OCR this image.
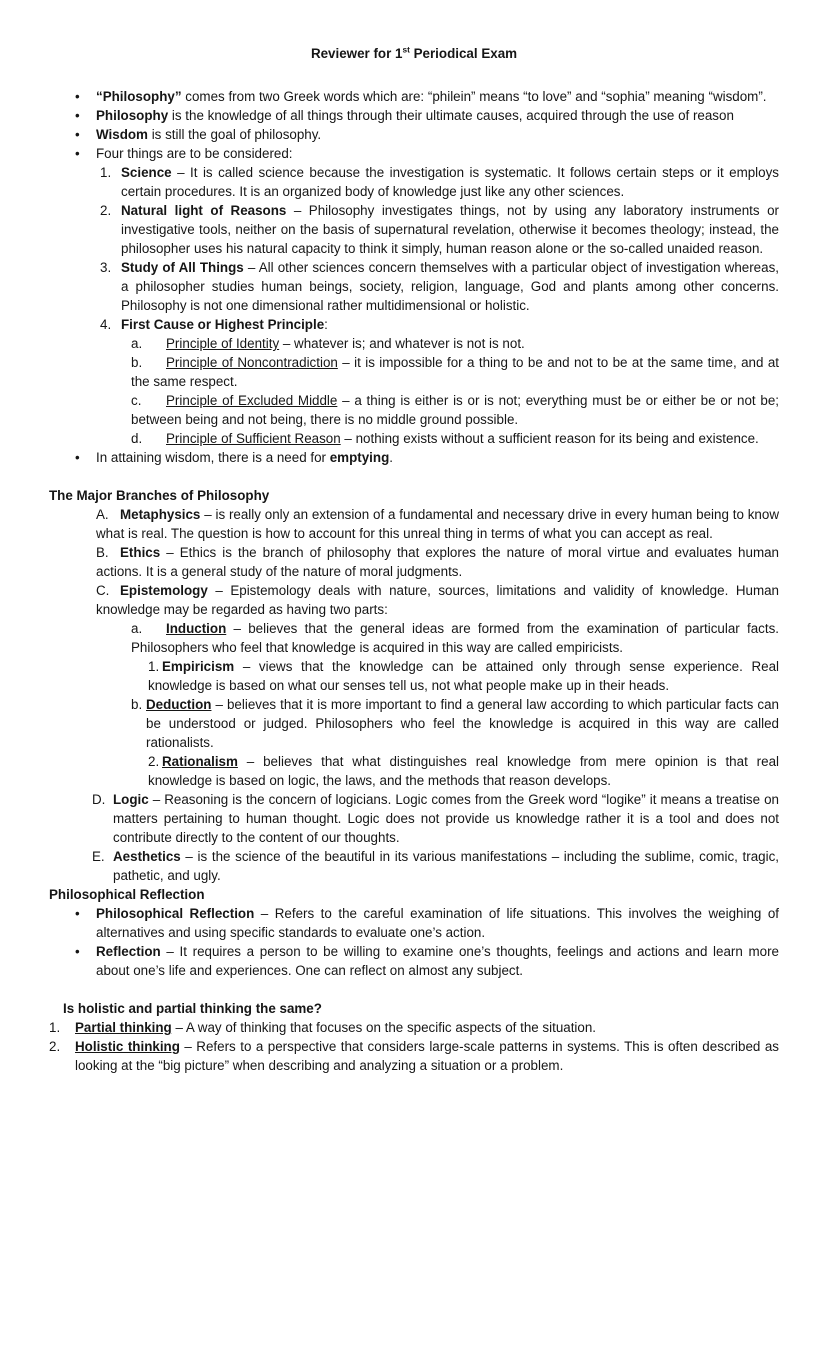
Reviewer for 1st Periodical Exam
• “Philosophy” comes from two Greek words which are: “philein” means “to love” and “sophia” meaning “wisdom”.
• Philosophy is the knowledge of all things through their ultimate causes, acquired through the use of reason
• Wisdom is still the goal of philosophy.
• Four things are to be considered:
1. Science – It is called science because the investigation is systematic. It follows certain steps or it employs certain procedures. It is an organized body of knowledge just like any other sciences.
2. Natural light of Reasons – Philosophy investigates things, not by using any laboratory instruments or investigative tools, neither on the basis of supernatural revelation, otherwise it becomes theology; instead, the philosopher uses his natural capacity to think it simply, human reason alone or the so-called unaided reason.
3. Study of All Things – All other sciences concern themselves with a particular object of investigation whereas, a philosopher studies human beings, society, religion, language, God and plants among other concerns. Philosophy is not one dimensional rather multidimensional or holistic.
4. First Cause or Highest Principle:
a. Principle of Identity – whatever is; and whatever is not is not.
b. Principle of Noncontradiction – it is impossible for a thing to be and not to be at the same time, and at the same respect.
c. Principle of Excluded Middle – a thing is either is or is not; everything must be or either be or not be; between being and not being, there is no middle ground possible.
d. Principle of Sufficient Reason – nothing exists without a sufficient reason for its being and existence.
• In attaining wisdom, there is a need for emptying.
The Major Branches of Philosophy
A. Metaphysics – is really only an extension of a fundamental and necessary drive in every human being to know what is real. The question is how to account for this unreal thing in terms of what you can accept as real.
B. Ethics – Ethics is the branch of philosophy that explores the nature of moral virtue and evaluates human actions. It is a general study of the nature of moral judgments.
C. Epistemology – Epistemology deals with nature, sources, limitations and validity of knowledge. Human knowledge may be regarded as having two parts:
a. Induction – believes that the general ideas are formed from the examination of particular facts. Philosophers who feel that knowledge is acquired in this way are called empiricists.
1. Empiricism – views that the knowledge can be attained only through sense experience. Real knowledge is based on what our senses tell us, not what people make up in their heads.
b. Deduction – believes that it is more important to find a general law according to which particular facts can be understood or judged. Philosophers who feel the knowledge is acquired in this way are called rationalists.
2. Rationalism – believes that what distinguishes real knowledge from mere opinion is that real knowledge is based on logic, the laws, and the methods that reason develops.
D. Logic – Reasoning is the concern of logicians. Logic comes from the Greek word “logike” it means a treatise on matters pertaining to human thought. Logic does not provide us knowledge rather it is a tool and does not contribute directly to the content of our thoughts.
E. Aesthetics – is the science of the beautiful in its various manifestations – including the sublime, comic, tragic, pathetic, and ugly.
Philosophical Reflection
• Philosophical Reflection – Refers to the careful examination of life situations. This involves the weighing of alternatives and using specific standards to evaluate one’s action.
• Reflection – It requires a person to be willing to examine one’s thoughts, feelings and actions and learn more about one’s life and experiences. One can reflect on almost any subject.
Is holistic and partial thinking the same?
1. Partial thinking – A way of thinking that focuses on the specific aspects of the situation.
2. Holistic thinking – Refers to a perspective that considers large-scale patterns in systems. This is often described as looking at the “big picture” when describing and analyzing a situation or a problem.
